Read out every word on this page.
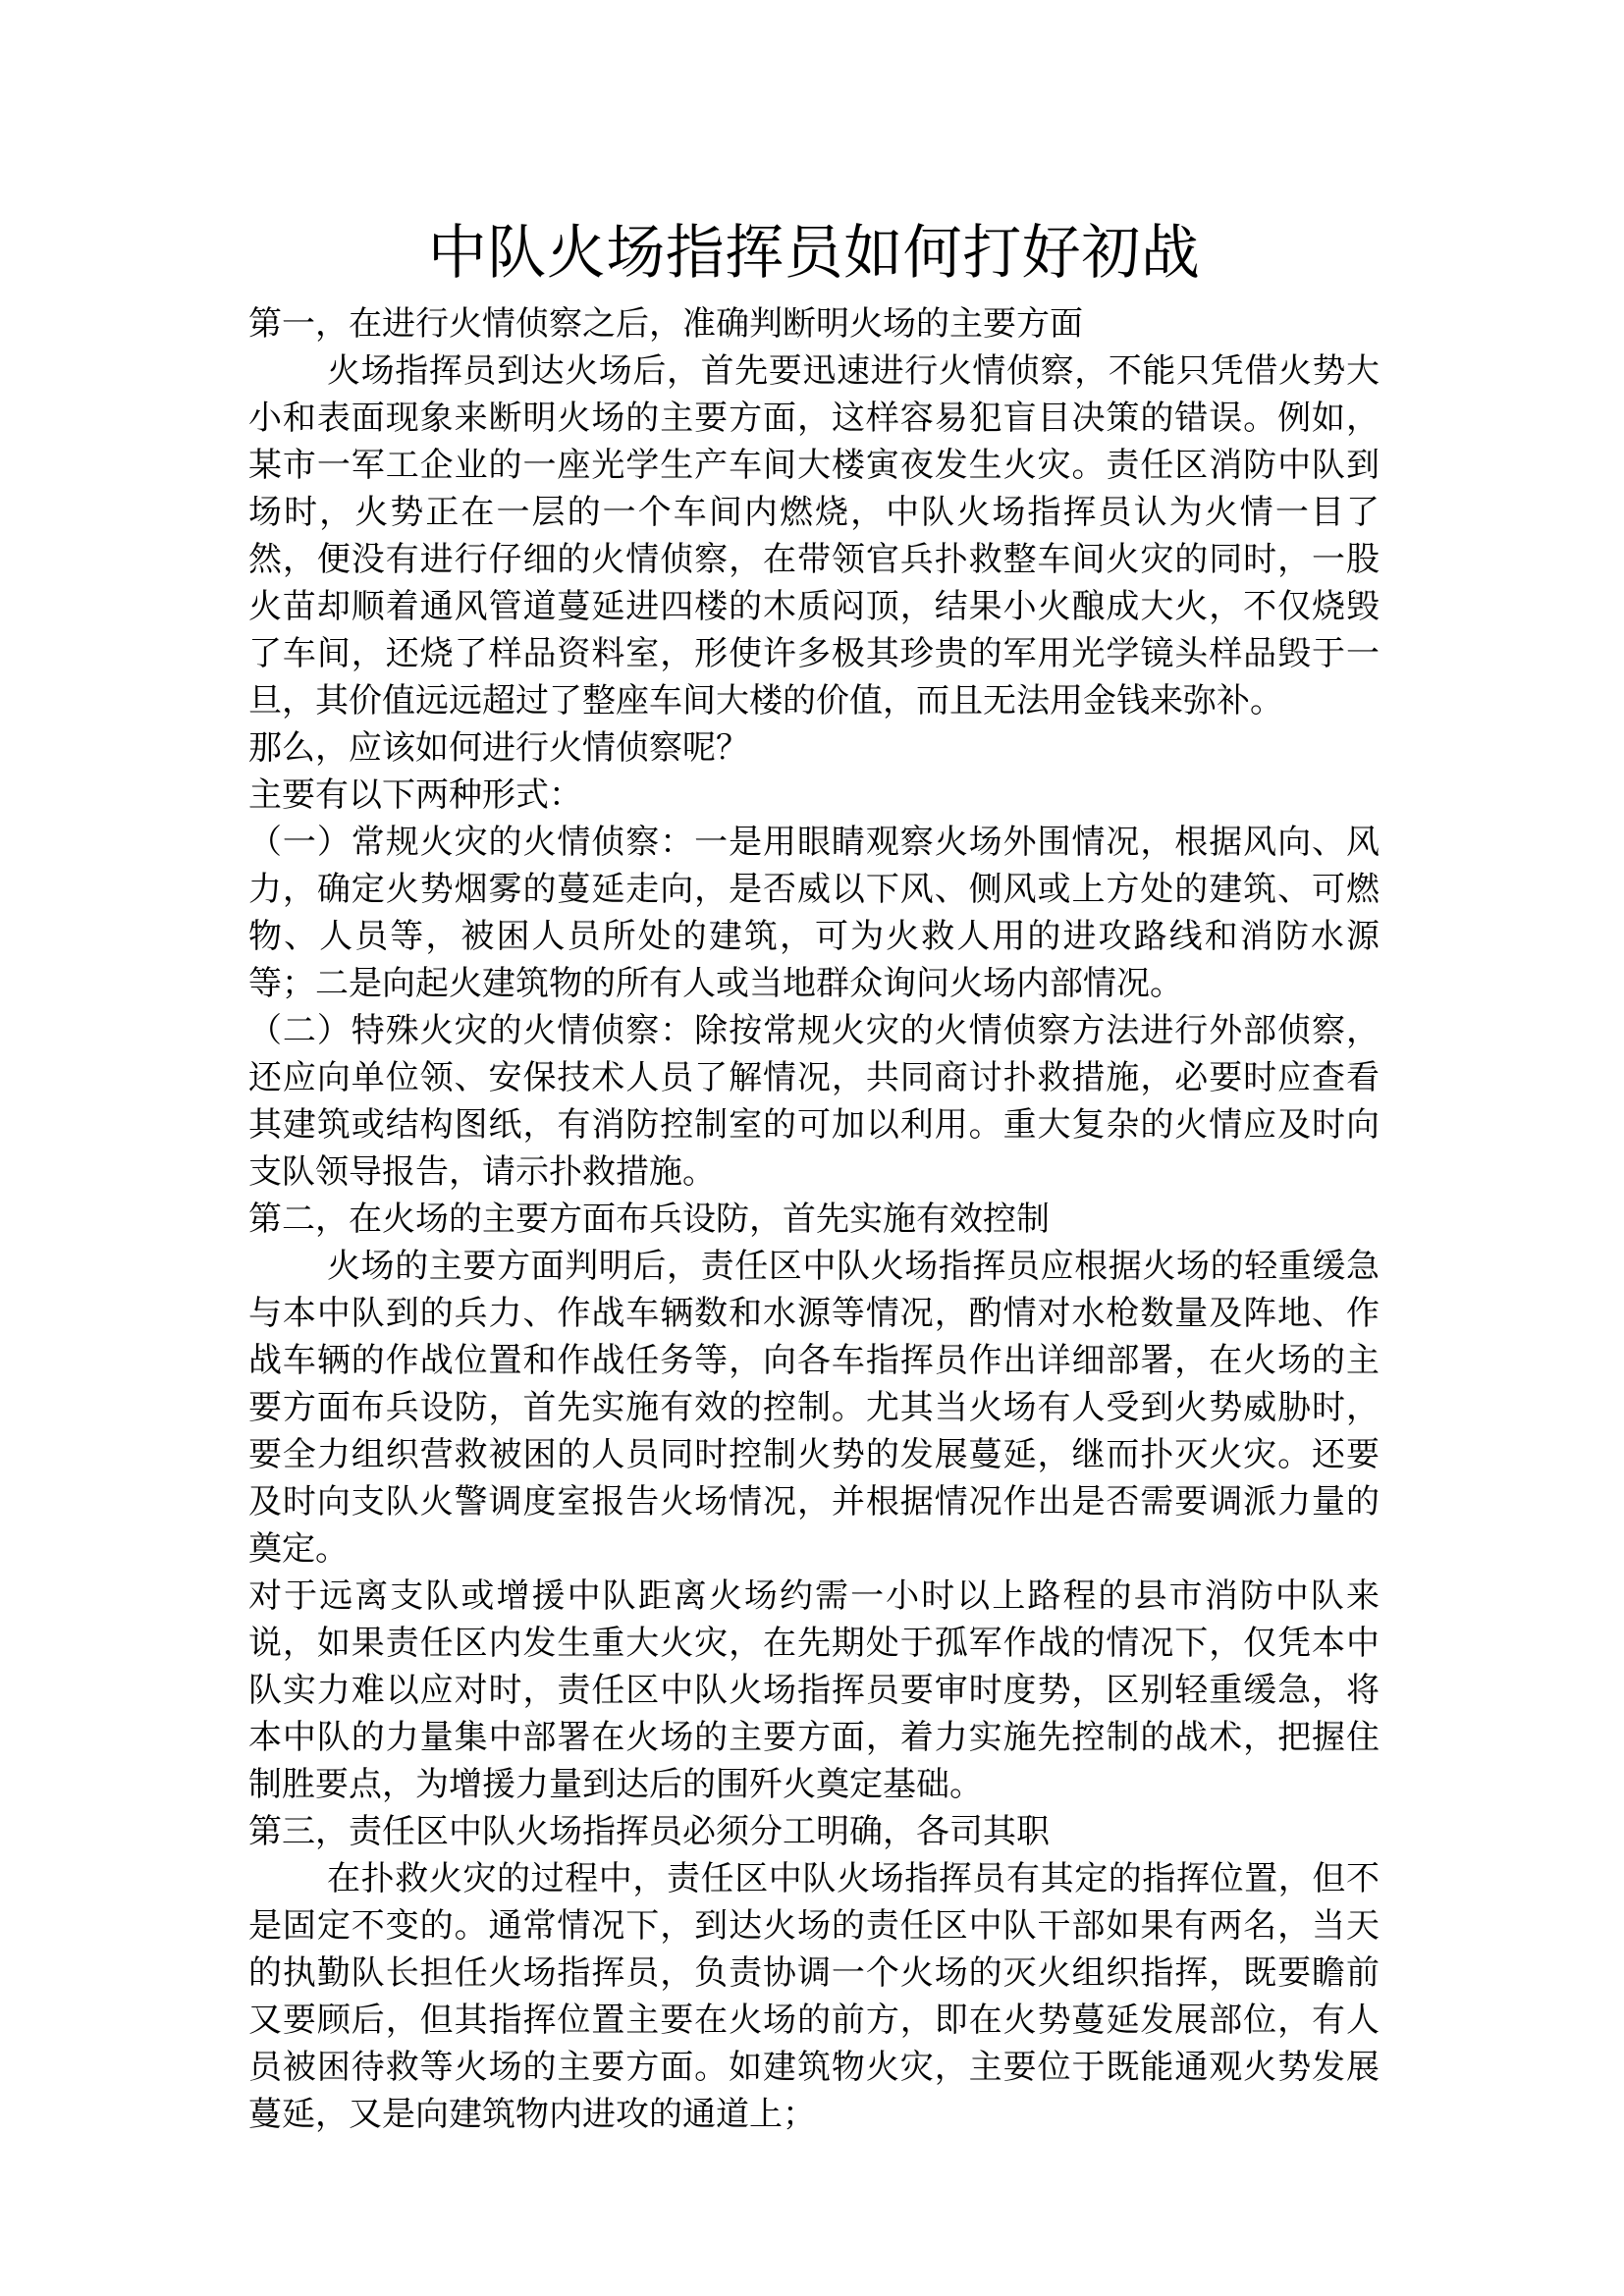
中队火场指挥员如何打好初战

第一，在进行火情侦察之后，准确判断明火场的主要方面

火场指挥员到达火场后，首先要迅速进行火情侦察，不能只凭借火势大小和表面现象来断明火场的主要方面，这样容易犯盲目决策的错误。例如，某市一军工企业的一座光学生产车间大楼寅夜发生火灾。责任区消防中队到场时，火势正在一层的一个车间内燃烧，中队火场指挥员认为火情一目了然，便没有进行仔细的火情侦察，在带领官兵扑救整车间火灾的同时，一股火苗却顺着通风管道蔓延进四楼的木质闷顶，结果小火酿成大火，不仅烧毁了车间，还烧了样品资料室，形使许多极其珍贵的军用光学镜头样品毁于一旦，其价值远远超过了整座车间大楼的价值，而且无法用金钱来弥补。

那么，应该如何进行火情侦察呢？

主要有以下两种形式：

（一）常规火灾的火情侦察：一是用眼睛观察火场外围情况，根据风向、风力，确定火势烟雾的蔓延走向，是否威以下风、侧风或上方处的建筑、可燃物、人员等，被困人员所处的建筑，可为火救人用的进攻路线和消防水源等；二是向起火建筑物的所有人或当地群众询问火场内部情况。

（二）特殊火灾的火情侦察：除按常规火灾的火情侦察方法进行外部侦察，还应向单位领、安保技术人员了解情况，共同商讨扑救措施，必要时应查看其建筑或结构图纸，有消防控制室的可加以利用。重大复杂的火情应及时向支队领导报告，请示扑救措施。

第二，在火场的主要方面布兵设防，首先实施有效控制

火场的主要方面判明后，责任区中队火场指挥员应根据火场的轻重缓急与本中队到的兵力、作战车辆数和水源等情况，酌情对水枪数量及阵地、作战车辆的作战位置和作战任务等，向各车指挥员作出详细部署，在火场的主要方面布兵设防，首先实施有效的控制。尤其当火场有人受到火势威胁时，要全力组织营救被困的人员同时控制火势的发展蔓延，继而扑灭火灾。还要及时向支队火警调度室报告火场情况，并根据情况作出是否需要调派力量的奠定。

对于远离支队或增援中队距离火场约需一小时以上路程的县市消防中队来说，如果责任区内发生重大火灾，在先期处于孤军作战的情况下，仅凭本中队实力难以应对时，责任区中队火场指挥员要审时度势，区别轻重缓急，将本中队的力量集中部署在火场的主要方面，着力实施先控制的战术，把握住制胜要点，为增援力量到达后的围歼火奠定基础。

第三，责任区中队火场指挥员必须分工明确，各司其职

在扑救火灾的过程中，责任区中队火场指挥员有其定的指挥位置，但不是固定不变的。通常情况下，到达火场的责任区中队干部如果有两名，当天的执勤队长担任火场指挥员，负责协调一个火场的灭火组织指挥，既要瞻前又要顾后，但其指挥位置主要在火场的前方，即在火势蔓延发展部位，有人员被困待救等火场的主要方面。如建筑物火灾，主要位于既能通观火势发展蔓延，又是向建筑物内进攻的通道上；
